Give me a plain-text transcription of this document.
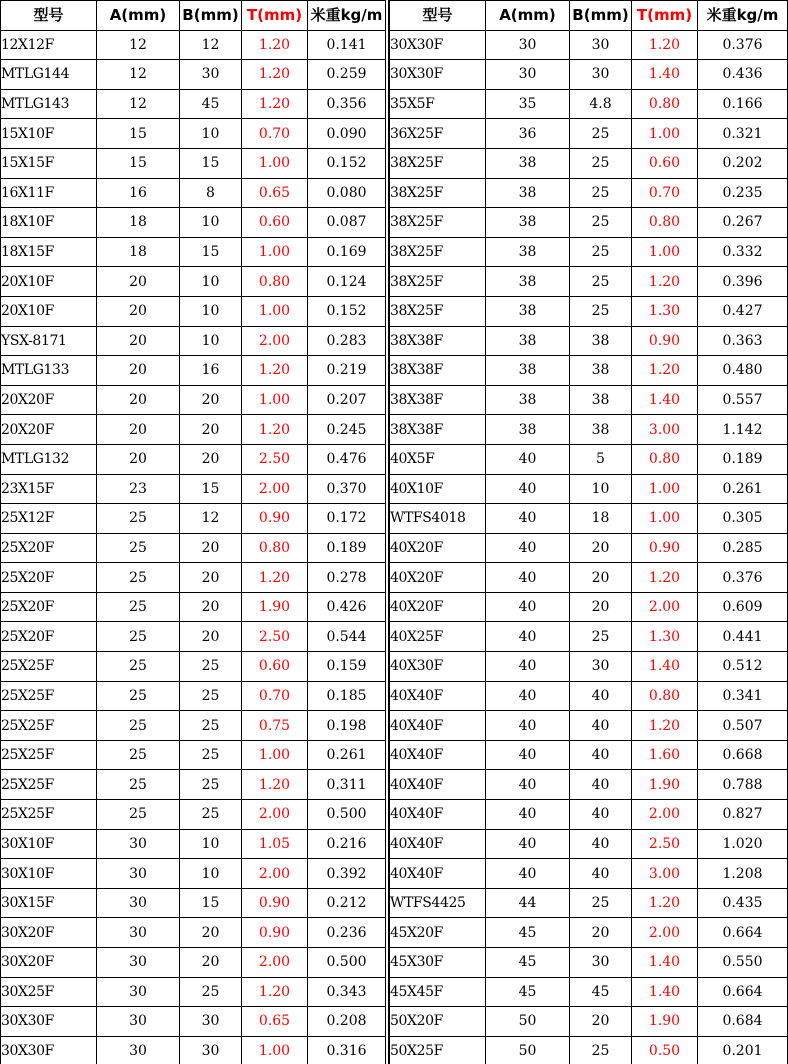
型号	A(mm)	B(mm)	T(mm)	米重kg/m
12X12F	12	12	1.20	0.141
MTLG144	12	30	1.20	0.259
MTLG143	12	45	1.20	0.356
15X10F	15	10	0.70	0.090
15X15F	15	15	1.00	0.152
16X11F	16	8	0.65	0.080
18X10F	18	10	0.60	0.087
18X15F	18	15	1.00	0.169
20X10F	20	10	0.80	0.124
20X10F	20	10	1.00	0.152
YSX-8171	20	10	2.00	0.283
MTLG133	20	16	1.20	0.219
20X20F	20	20	1.00	0.207
20X20F	20	20	1.20	0.245
MTLG132	20	20	2.50	0.476
23X15F	23	15	2.00	0.370
25X12F	25	12	0.90	0.172
25X20F	25	20	0.80	0.189
25X20F	25	20	1.20	0.278
25X20F	25	20	1.90	0.426
25X20F	25	20	2.50	0.544
25X25F	25	25	0.60	0.159
25X25F	25	25	0.70	0.185
25X25F	25	25	0.75	0.198
25X25F	25	25	1.00	0.261
25X25F	25	25	1.20	0.311
25X25F	25	25	2.00	0.500
30X10F	30	10	1.05	0.216
30X10F	30	10	2.00	0.392
30X15F	30	15	0.90	0.212
30X20F	30	20	0.90	0.236
30X20F	30	20	2.00	0.500
30X25F	30	25	1.20	0.343
30X30F	30	30	0.65	0.208
30X30F	30	30	1.00	0.316
型号	A(mm)	B(mm)	T(mm)	米重kg/m
30X30F	30	30	1.20	0.376
30X30F	30	30	1.40	0.436
35X5F	35	4.8	0.80	0.166
36X25F	36	25	1.00	0.321
38X25F	38	25	0.60	0.202
38X25F	38	25	0.70	0.235
38X25F	38	25	0.80	0.267
38X25F	38	25	1.00	0.332
38X25F	38	25	1.20	0.396
38X25F	38	25	1.30	0.427
38X38F	38	38	0.90	0.363
38X38F	38	38	1.20	0.480
38X38F	38	38	1.40	0.557
38X38F	38	38	3.00	1.142
40X5F	40	5	0.80	0.189
40X10F	40	10	1.00	0.261
WTFS4018	40	18	1.00	0.305
40X20F	40	20	0.90	0.285
40X20F	40	20	1.20	0.376
40X20F	40	20	2.00	0.609
40X25F	40	25	1.30	0.441
40X30F	40	30	1.40	0.512
40X40F	40	40	0.80	0.341
40X40F	40	40	1.20	0.507
40X40F	40	40	1.60	0.668
40X40F	40	40	1.90	0.788
40X40F	40	40	2.00	0.827
40X40F	40	40	2.50	1.020
40X40F	40	40	3.00	1.208
WTFS4425	44	25	1.20	0.435
45X20F	45	20	2.00	0.664
45X30F	45	30	1.40	0.550
45X45F	45	45	1.40	0.664
50X20F	50	20	1.90	0.684
50X25F	50	25	0.50	0.201
